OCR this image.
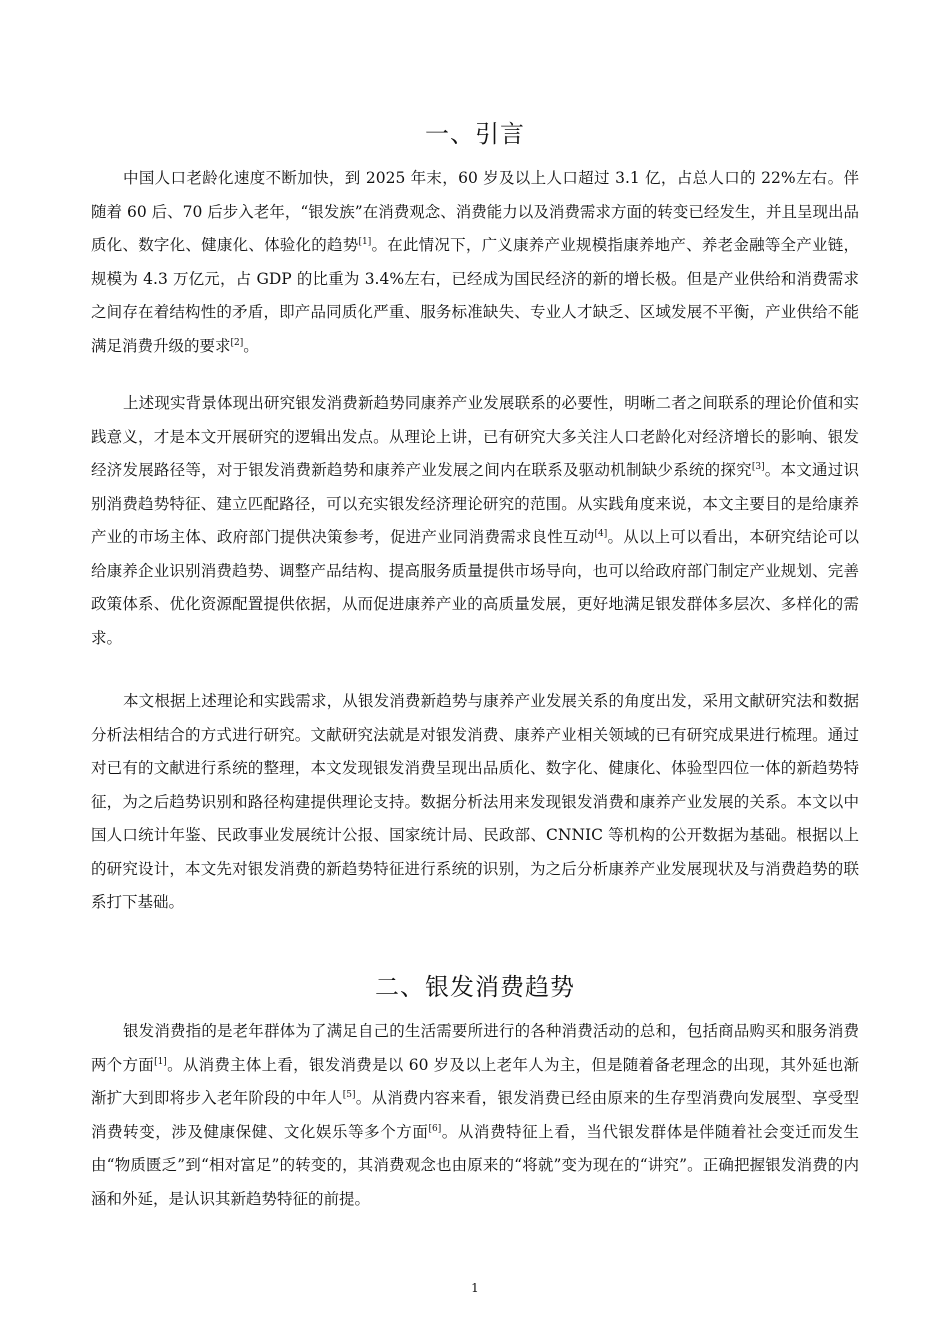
一、引言

中国人口老龄化速度不断加快，到 2025 年末，60 岁及以上人口超过 3.1 亿，占总人口的 22%左右。伴随着 60 后、70 后步入老年，“银发族”在消费观念、消费能力以及消费需求方面的转变已经发生，并且呈现出品质化、数字化、健康化、体验化的趋势[1]。在此情况下，广义康养产业规模指康养地产、养老金融等全产业链，规模为 4.3 万亿元，占 GDP 的比重为 3.4%左右，已经成为国民经济的新的增长极。但是产业供给和消费需求之间存在着结构性的矛盾，即产品同质化严重、服务标准缺失、专业人才缺乏、区域发展不平衡，产业供给不能满足消费升级的要求[2]。

上述现实背景体现出研究银发消费新趋势同康养产业发展联系的必要性，明晰二者之间联系的理论价值和实践意义，才是本文开展研究的逻辑出发点。从理论上讲，已有研究大多关注人口老龄化对经济增长的影响、银发经济发展路径等，对于银发消费新趋势和康养产业发展之间内在联系及驱动机制缺少系统的探究[3]。本文通过识别消费趋势特征、建立匹配路径，可以充实银发经济理论研究的范围。从实践角度来说，本文主要目的是给康养产业的市场主体、政府部门提供决策参考，促进产业同消费需求良性互动[4]。从以上可以看出，本研究结论可以给康养企业识别消费趋势、调整产品结构、提高服务质量提供市场导向，也可以给政府部门制定产业规划、完善政策体系、优化资源配置提供依据，从而促进康养产业的高质量发展，更好地满足银发群体多层次、多样化的需求。

本文根据上述理论和实践需求，从银发消费新趋势与康养产业发展关系的角度出发，采用文献研究法和数据分析法相结合的方式进行研究。文献研究法就是对银发消费、康养产业相关领域的已有研究成果进行梳理。通过对已有的文献进行系统的整理，本文发现银发消费呈现出品质化、数字化、健康化、体验型四位一体的新趋势特征，为之后趋势识别和路径构建提供理论支持。数据分析法用来发现银发消费和康养产业发展的关系。本文以中国人口统计年鉴、民政事业发展统计公报、国家统计局、民政部、CNNIC 等机构的公开数据为基础。根据以上的研究设计，本文先对银发消费的新趋势特征进行系统的识别，为之后分析康养产业发展现状及与消费趋势的联系打下基础。

二、银发消费趋势

银发消费指的是老年群体为了满足自己的生活需要所进行的各种消费活动的总和，包括商品购买和服务消费两个方面[1]。从消费主体上看，银发消费是以 60 岁及以上老年人为主，但是随着备老理念的出现，其外延也渐渐扩大到即将步入老年阶段的中年人[5]。从消费内容来看，银发消费已经由原来的生存型消费向发展型、享受型消费转变，涉及健康保健、文化娱乐等多个方面[6]。从消费特征上看，当代银发群体是伴随着社会变迁而发生由“物质匮乏”到“相对富足”的转变的，其消费观念也由原来的“将就”变为现在的“讲究”。正确把握银发消费的内涵和外延，是认识其新趋势特征的前提。

1
